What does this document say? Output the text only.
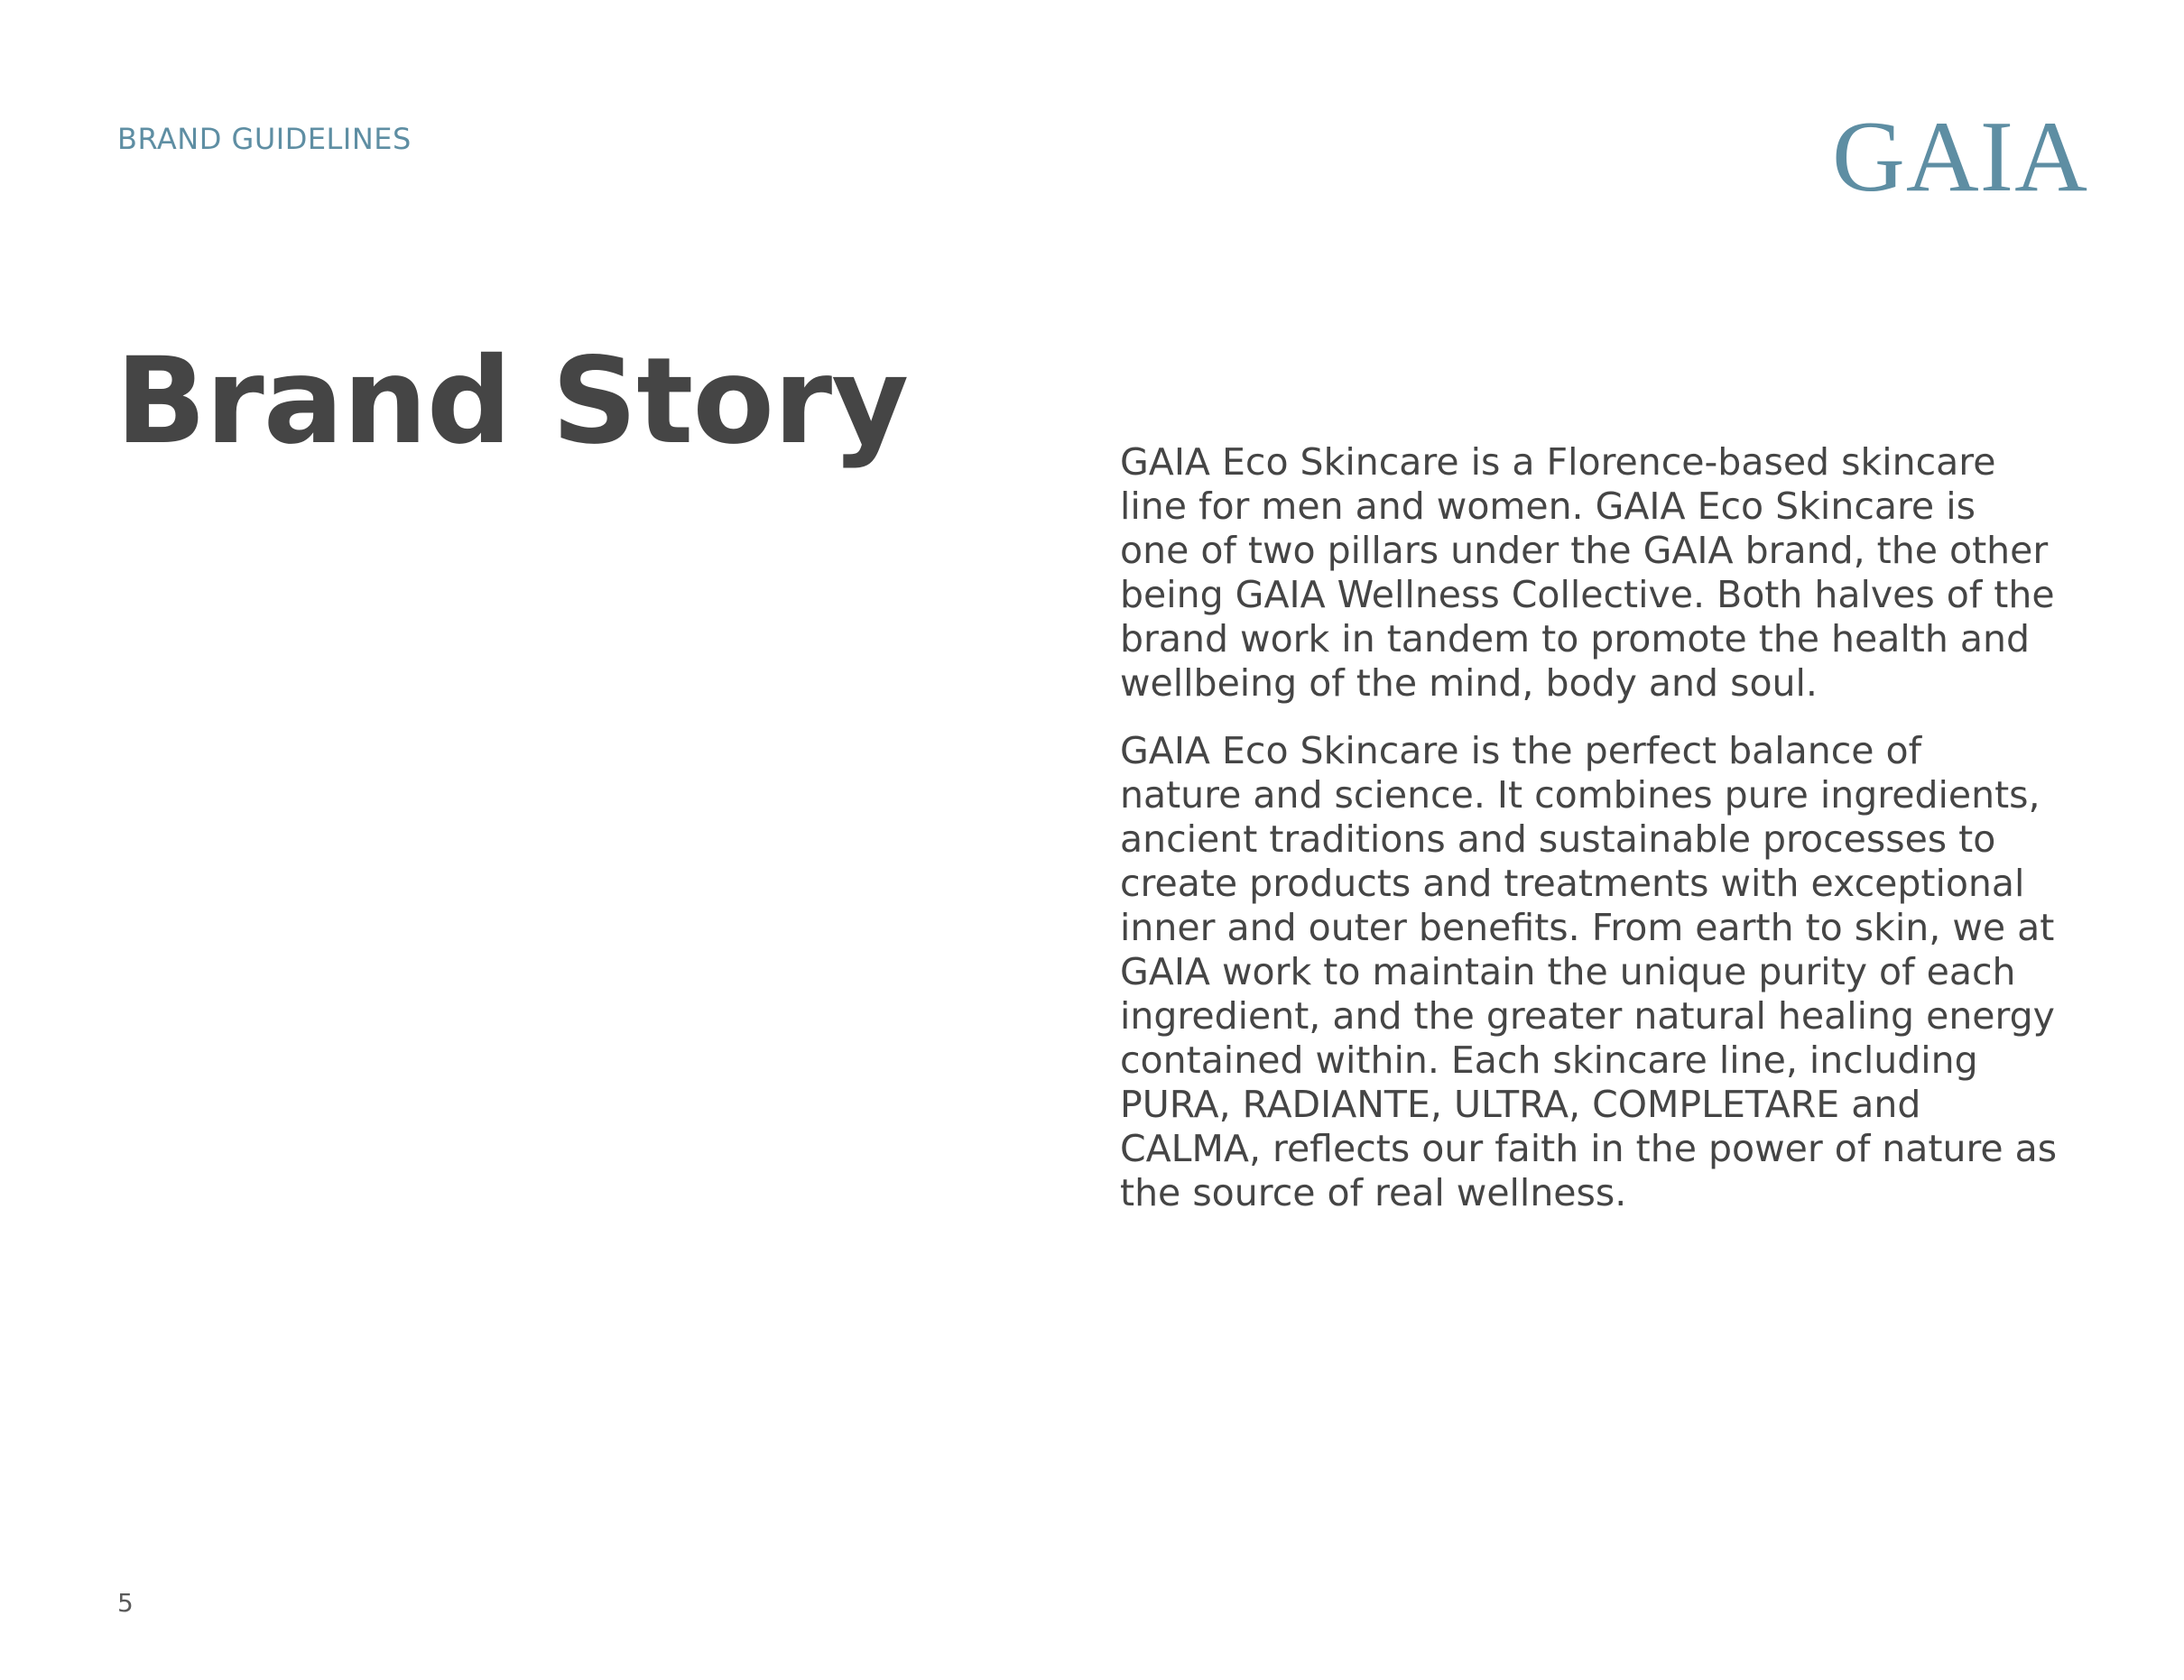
BRAND GUIDELINES	GAIA
Brand Story	GAIA Eco Skincare is a Florence-based skincare
line for men and women. GAIA Eco Skincare is
one of two pillars under the GAIA brand, the other
being GAIA Wellness Collective. Both halves of the
brand work in tandem to promote the health and
wellbeing of the mind, body and soul.

GAIA Eco Skincare is the perfect balance of
nature and science. It combines pure ingredients,
ancient traditions and sustainable processes to
create products and treatments with exceptional
inner and outer benefits. From earth to skin, we at
GAIA work to maintain the unique purity of each
ingredient, and the greater natural healing energy
contained within. Each skincare line, including
PURA, RADIANTE, ULTRA, COMPLETARE and
CALMA, reflects our faith in the power of nature as
the source of real wellness.

5
